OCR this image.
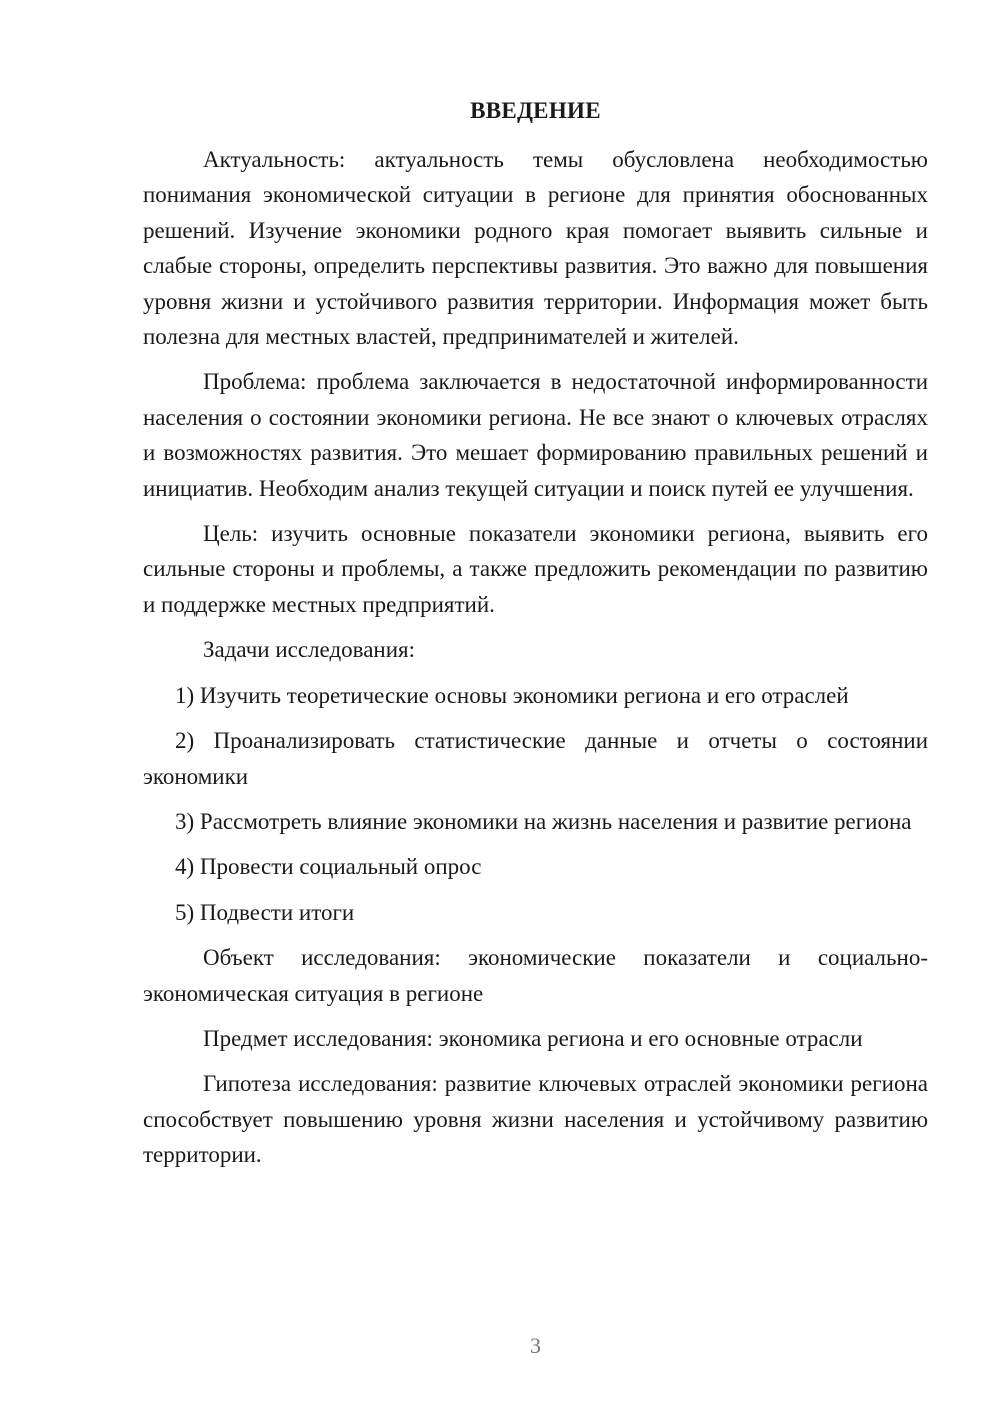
ВВЕДЕНИЕ

Актуальность: актуальность темы обусловлена необходимостью понимания экономической ситуации в регионе для принятия обоснованных решений. Изучение экономики родного края помогает выявить сильные и слабые стороны, определить перспективы развития. Это важно для повышения уровня жизни и устойчивого развития территории. Информация может быть полезна для местных властей, предпринимателей и жителей.

Проблема: проблема заключается в недостаточной информированности населения о состоянии экономики региона. Не все знают о ключевых отраслях и возможностях развития. Это мешает формированию правильных решений и инициатив. Необходим анализ текущей ситуации и поиск путей ее улучшения.

Цель: изучить основные показатели экономики региона, выявить его сильные стороны и проблемы, а также предложить рекомендации по развитию и поддержке местных предприятий.

Задачи исследования:

1) Изучить теоретические основы экономики региона и его отраслей

2) Проанализировать статистические данные и отчеты о состоянии экономики

3) Рассмотреть влияние экономики на жизнь населения и развитие региона

4) Провести социальный опрос

5) Подвести итоги

Объект исследования: экономические показатели и социально-экономическая ситуация в регионе

Предмет исследования: экономика региона и его основные отрасли

Гипотеза исследования: развитие ключевых отраслей экономики региона способствует повышению уровня жизни населения и устойчивому развитию территории.

3
